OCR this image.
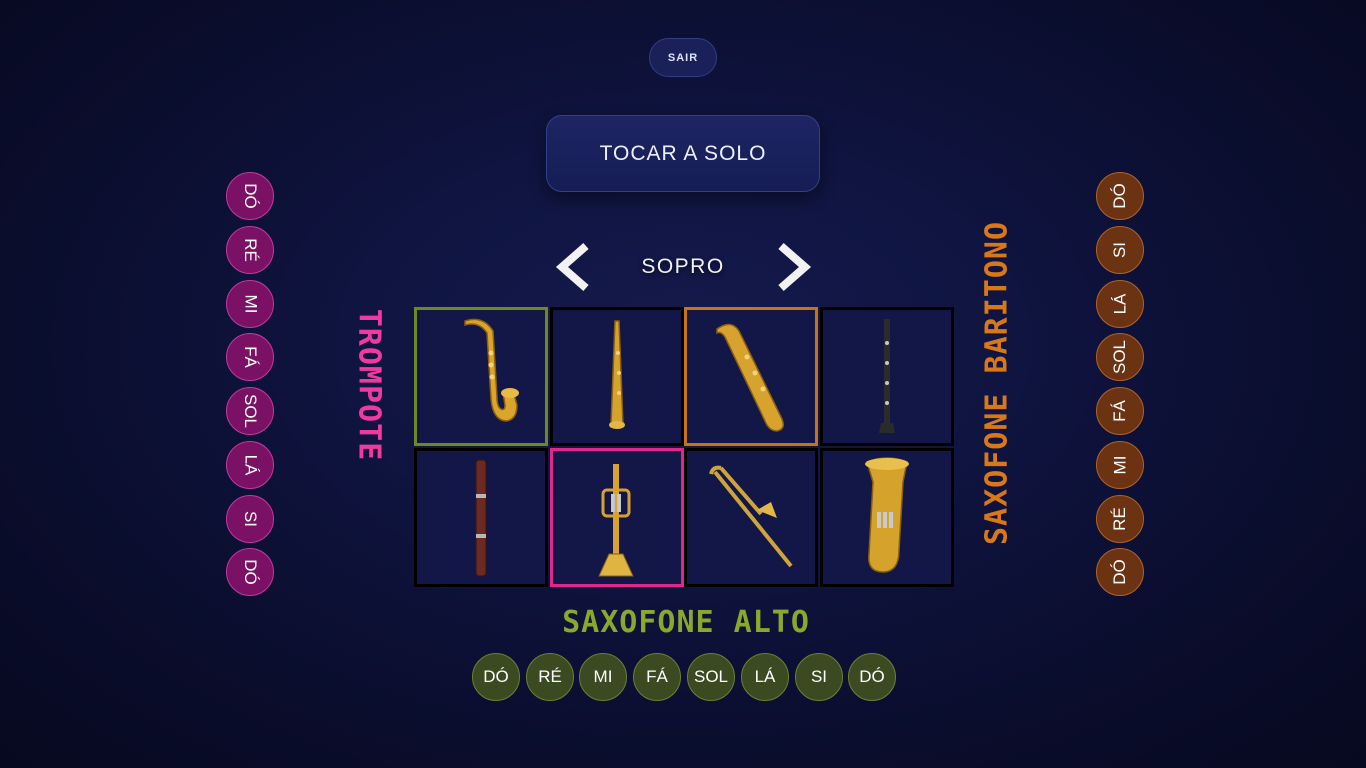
SAIR
TOCAR A SOLO
SOPRO
TROMPOTE	SAXOFONE BARITONO
SAXOFONE ALTO
DÓ
RÉ
MI
FÁ
SOL
LÁ
SI
DÓ
DÓ
SI
LÁ
SOL
FÁ
MI
RÉ
DÓ
DÓ RÉ MI FÁ SOL LÁ SI DÓ
